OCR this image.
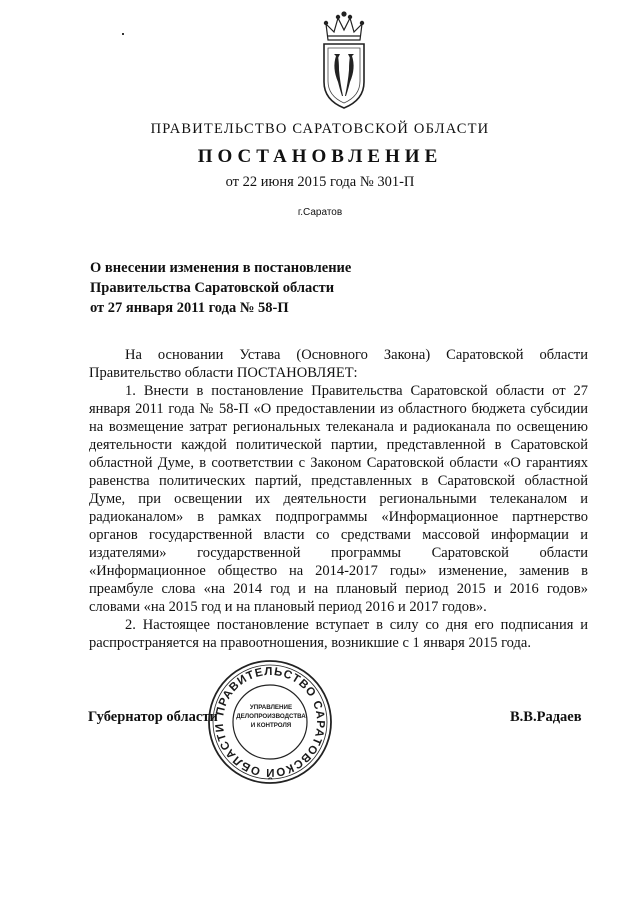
ПРАВИТЕЛЬСТВО САРАТОВСКОЙ ОБЛАСТИ
ПОСТАНОВЛЕНИЕ
от 22 июня 2015 года № 301-П
г.Саратов
О внесении изменения в постановление
Правительства Саратовской области
от 27 января 2011 года № 58-П

На основании Устава (Основного Закона) Саратовской области Правительство области ПОСТАНОВЛЯЕТ:

1. Внести в постановление Правительства Саратовской области от 27 января 2011 года № 58-П «О предоставлении из областного бюджета субсидии на возмещение затрат региональных телеканала и радиоканала по освещению деятельности каждой политической партии, представленной в Саратовской областной Думе, в соответствии с Законом Саратовской области «О гарантиях равенства политических партий, представленных в Саратовской областной Думе, при освещении их деятельности региональными телеканалом и радиоканалом» в рамках подпрограммы «Информационное партнерство органов государственной власти со средствами массовой информации и издателями» государственной программы Саратовской области «Информационное общество на 2014-2017 годы» изменение, заменив в преамбуле слова «на 2014 год и на плановый период 2015 и 2016 годов» словами «на 2015 год и на плановый период 2016 и 2017 годов».

2. Настоящее постановление вступает в силу со дня его подписания и распространяется на правоотношения, возникшие с 1 января 2015 года.

Губернатор области	В.В.Радаев
ПРАВИТЕЛЬСТВО САРАТОВСКОЙ ОБЛАСТИ
УПРАВЛЕНИЕ
ДЕЛОПРОИЗВОДСТВА
И КОНТРОЛЯ
